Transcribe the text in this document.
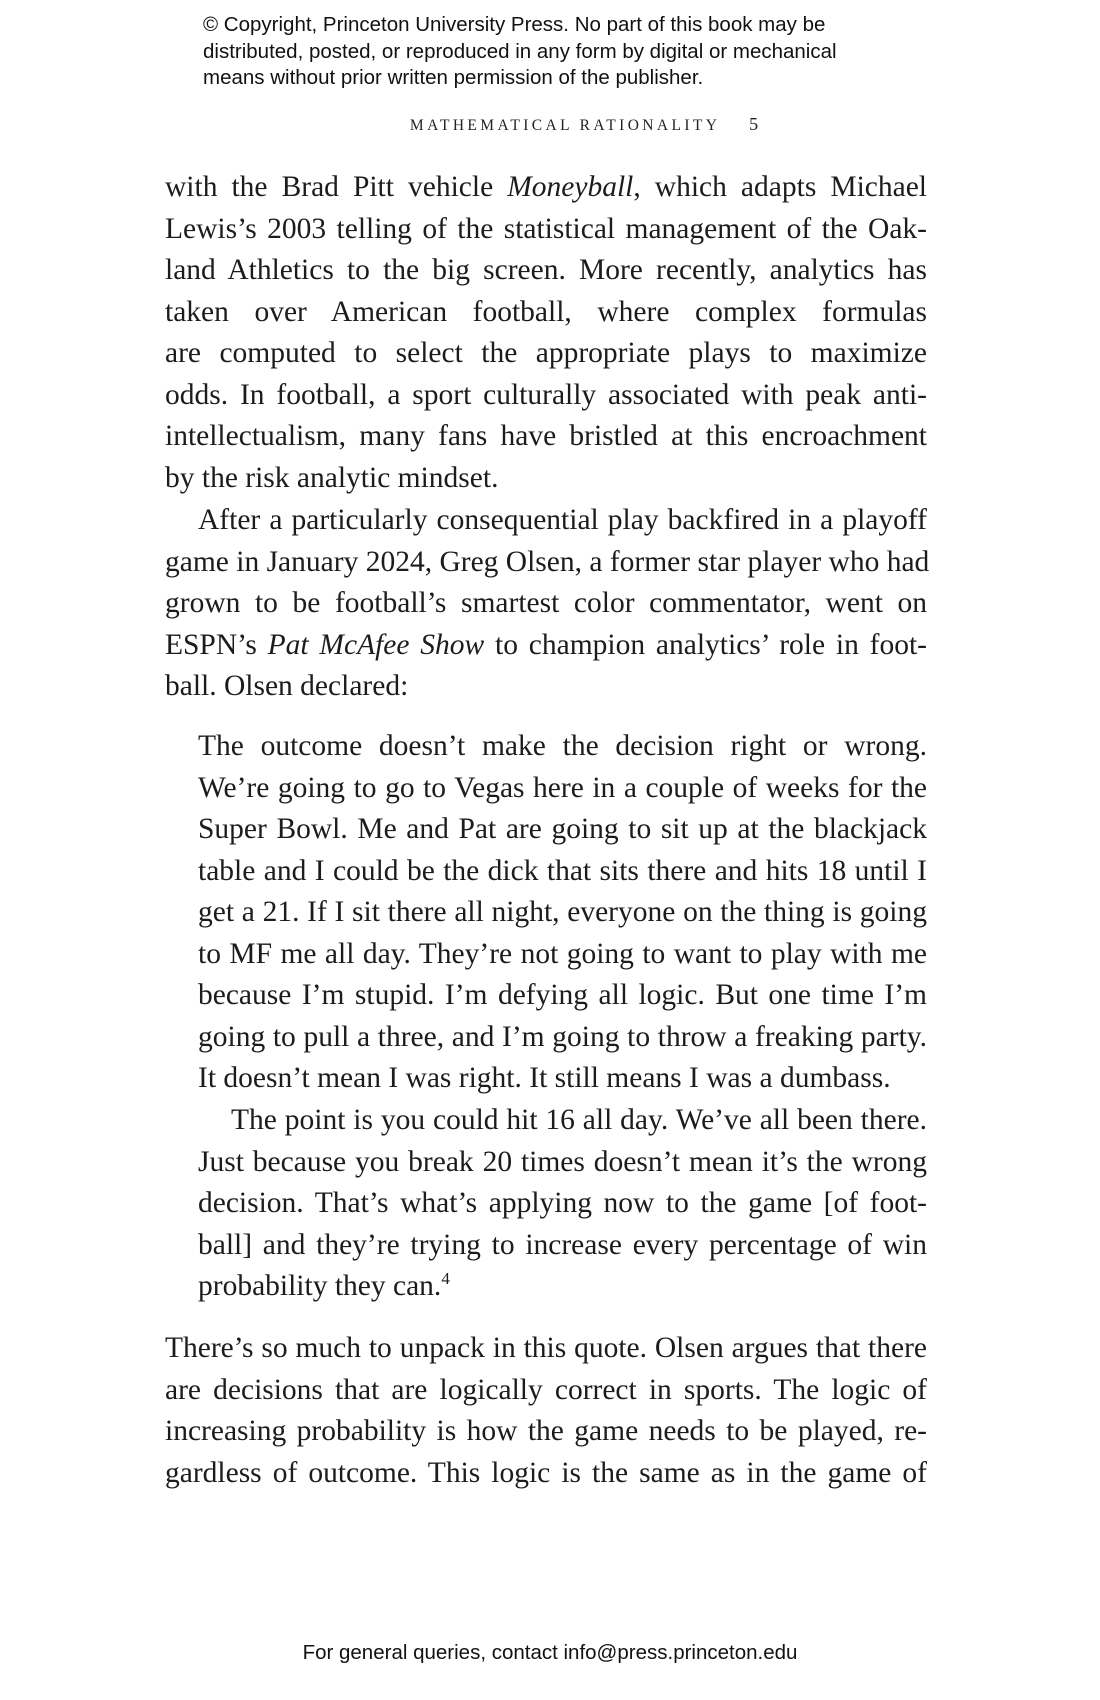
© Copyright, Princeton University Press. No part of this book may be
distributed, posted, or reproduced in any form by digital or mechanical
means without prior written permission of the publisher.
MATHEMATICAL RATIONALITY 5
with the Brad Pitt vehicle Moneyball, which adapts Michael
Lewis’s 2003 telling of the statistical management of the Oak-
land Athletics to the big screen. More recently, analytics has
taken over American football, where complex formulas
are computed to select the appropriate plays to maximize
odds. In football, a sport culturally associated with peak anti-
intellectualism, many fans have bristled at this encroachment
by the risk analytic mindset.
After a particularly consequential play backfired in a playoff
game in January 2024, Greg Olsen, a former star player who had
grown to be football’s smartest color commentator, went on
ESPN’s Pat McAfee Show to champion analytics’ role in foot-
ball. Olsen declared:
The outcome doesn’t make the decision right or wrong.
We’re going to go to Vegas here in a couple of weeks for the
Super Bowl. Me and Pat are going to sit up at the blackjack
table and I could be the dick that sits there and hits 18 until I
get a 21. If I sit there all night, everyone on the thing is going
to MF me all day. They’re not going to want to play with me
because I’m stupid. I’m defying all logic. But one time I’m
going to pull a three, and I’m going to throw a freaking party.
It doesn’t mean I was right. It still means I was a dumbass.
The point is you could hit 16 all day. We’ve all been there.
Just because you break 20 times doesn’t mean it’s the wrong
decision. That’s what’s applying now to the game [of foot-
ball] and they’re trying to increase every percentage of win
probability they can.$^4$
There’s so much to unpack in this quote. Olsen argues that there
are decisions that are logically correct in sports. The logic of
increasing probability is how the game needs to be played, re-
gardless of outcome. This logic is the same as in the game of
For general queries, contact info@press.princeton.edu
